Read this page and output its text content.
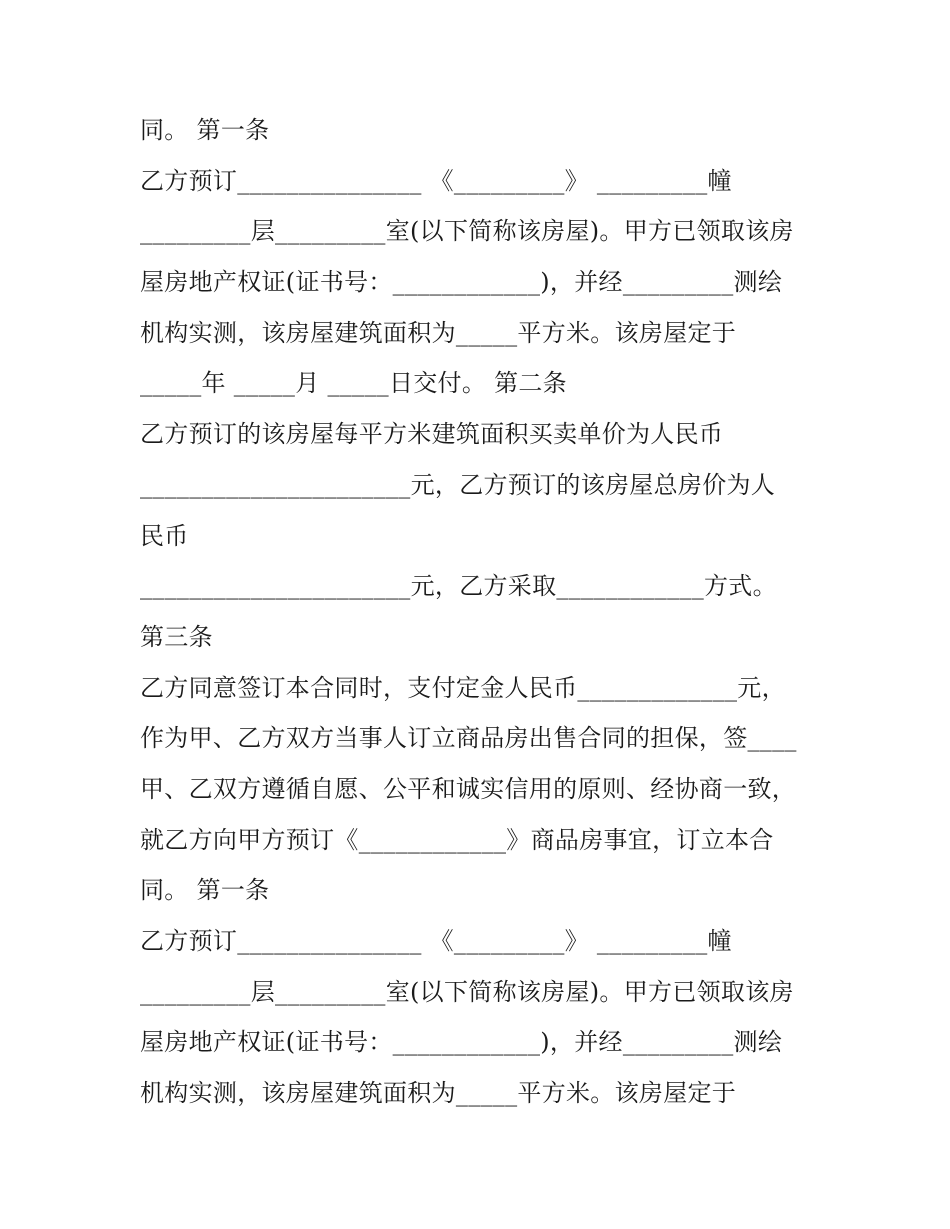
同。 第一条
乙方预订_______________ 《_________》 _________幢
_________层_________室(以下简称该房屋)。甲方已领取该房
屋房地产权证(证书号：____________)，并经_________测绘
机构实测，该房屋建筑面积为_____平方米。该房屋定于
_____年 _____月 _____日交付。 第二条
乙方预订的该房屋每平方米建筑面积买卖单价为人民币
______________________元，乙方预订的该房屋总房价为人
民币
______________________元，乙方采取____________方式。
第三条
乙方同意签订本合同时，支付定金人民币_____________元，
作为甲、乙方双方当事人订立商品房出售合同的担保，签____
甲、乙双方遵循自愿、公平和诚实信用的原则、经协商一致，
就乙方向甲方预订《____________》商品房事宜，订立本合
同。 第一条
乙方预订_______________ 《_________》 _________幢
_________层_________室(以下简称该房屋)。甲方已领取该房
屋房地产权证(证书号：____________)，并经_________测绘
机构实测，该房屋建筑面积为_____平方米。该房屋定于
